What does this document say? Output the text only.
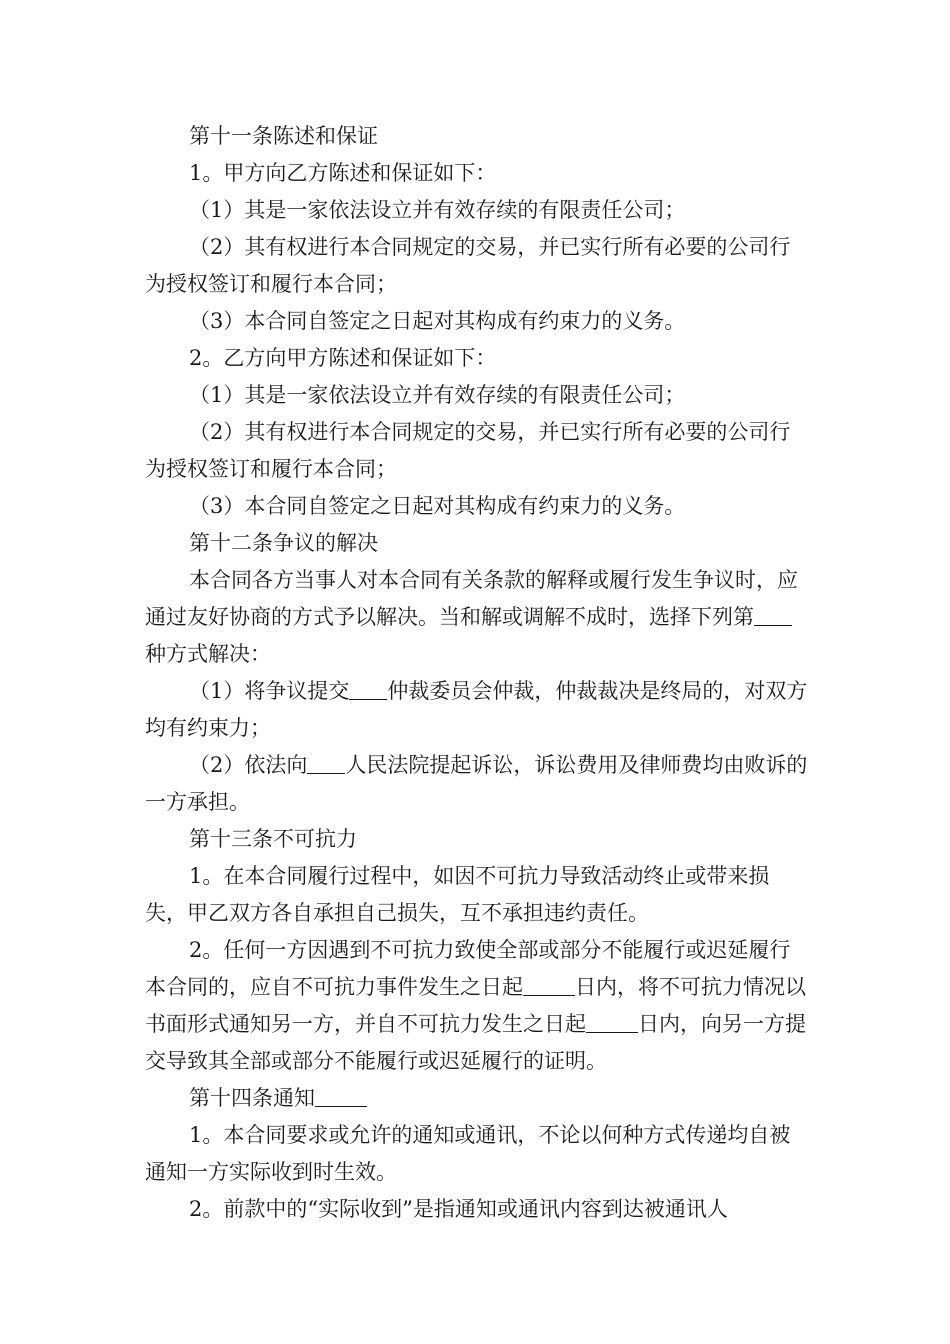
第十一条陈述和保证

1。甲方向乙方陈述和保证如下：

（1）其是一家依法设立并有效存续的有限责任公司；

（2）其有权进行本合同规定的交易，并已实行所有必要的公司行为授权签订和履行本合同；

（3）本合同自签定之日起对其构成有约束力的义务。

2。乙方向甲方陈述和保证如下：

（1）其是一家依法设立并有效存续的有限责任公司；

（2）其有权进行本合同规定的交易，并已实行所有必要的公司行为授权签订和履行本合同；

（3）本合同自签定之日起对其构成有约束力的义务。

第十二条争议的解决

本合同各方当事人对本合同有关条款的解释或履行发生争议时，应通过友好协商的方式予以解决。当和解或调解不成时，选择下列第种方式解决：

（1）将争议提交 仲裁委员会仲裁，仲裁裁决是终局的，对双方均有约束力；

（2）依法向 人民法院提起诉讼，诉讼费用及律师费均由败诉的一方承担。

第十三条不可抗力

1。在本合同履行过程中，如因不可抗力导致活动终止或带来损失，甲乙双方各自承担自己损失，互不承担违约责任。

2。任何一方因遇到不可抗力致使全部或部分不能履行或迟延履行本合同的，应自不可抗力事件发生之日起 日内，将不可抗力情况以书面形式通知另一方，并自不可抗力发生之日起 日内，向另一方提交导致其全部或部分不能履行或迟延履行的证明。

第十四条通知

1。本合同要求或允许的通知或通讯，不论以何种方式传递均自被通知一方实际收到时生效。

2。前款中的“实际收到”是指通知或通讯内容到达被通讯人
